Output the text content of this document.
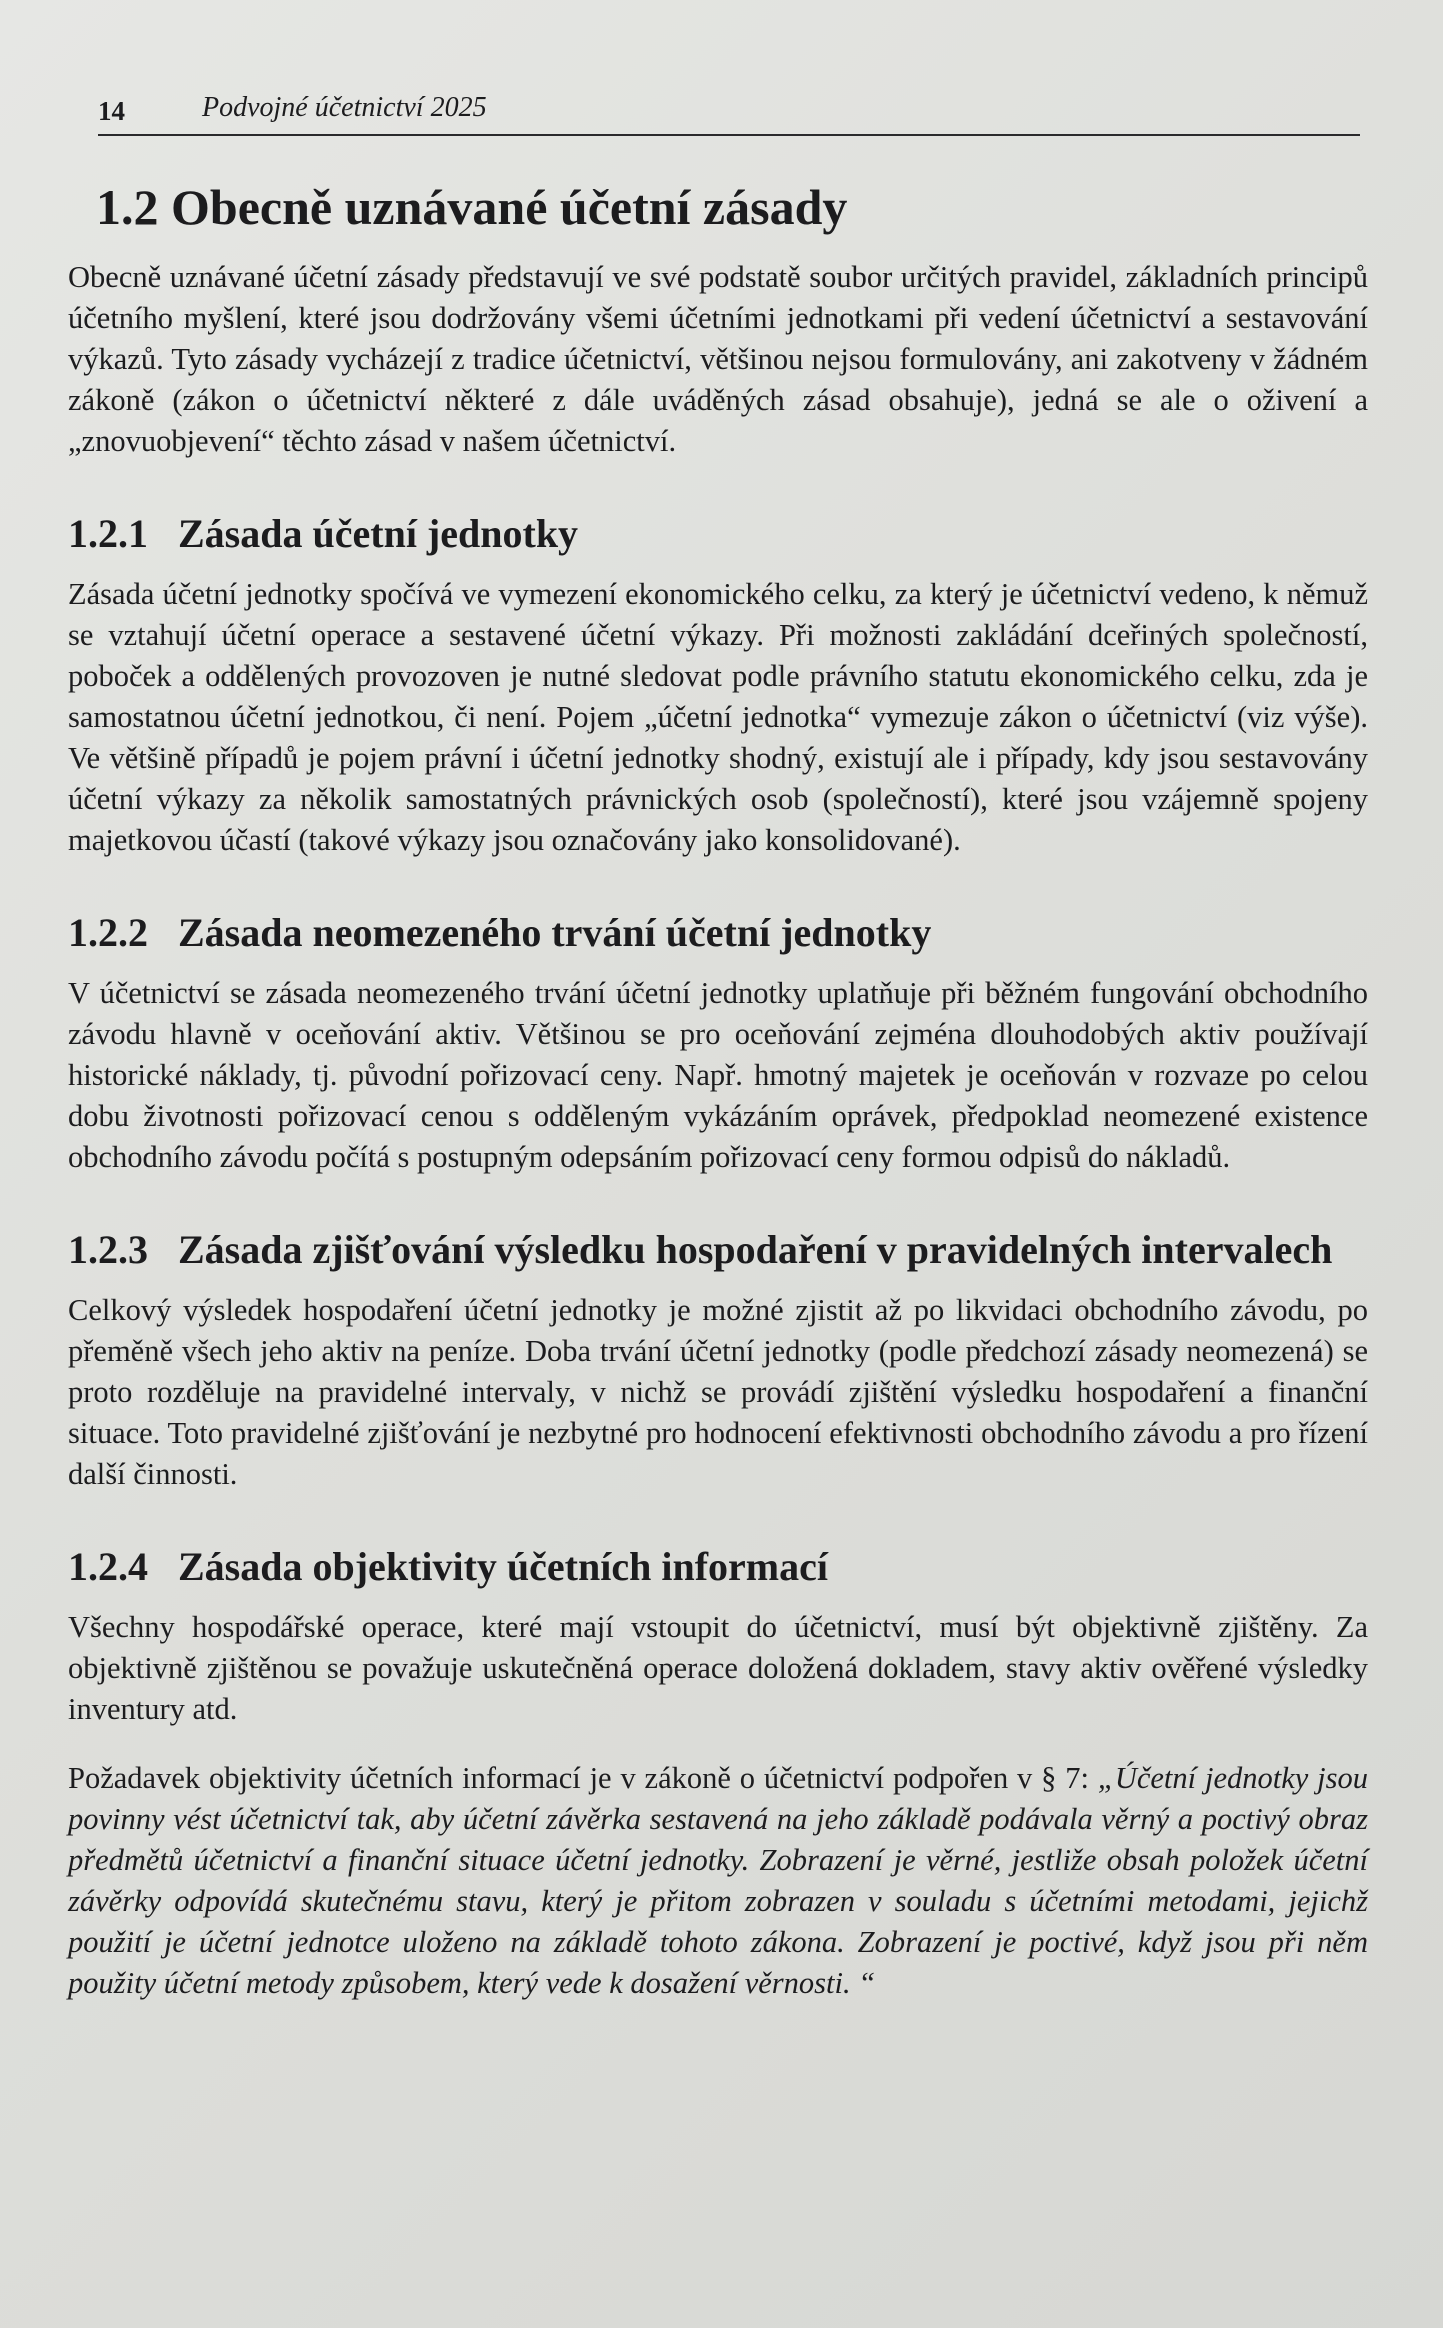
14	Podvojné účetnictví 2025
1.2 Obecně uznávané účetní zásady

Obecně uznávané účetní zásady představují ve své podstatě soubor určitých pravidel, základních principů účetního myšlení, které jsou dodržovány všemi účetními jednotkami při vedení účetnictví a sestavování výkazů. Tyto zásady vycházejí z tradice účetnictví, většinou nejsou formulovány, ani zakotveny v žádném zákoně (zákon o účetnictví některé z dále uváděných zásad obsahuje), jedná se ale o oživení a „znovuobjevení“ těchto zásad v našem účetnictví.

1.2.1 Zásada účetní jednotky

Zásada účetní jednotky spočívá ve vymezení ekonomického celku, za který je účetnictví vedeno, k němuž se vztahují účetní operace a sestavené účetní výkazy. Při možnosti zakládání dceřiných společností, poboček a oddělených provozoven je nutné sledovat podle právního statutu ekonomického celku, zda je samostatnou účetní jednotkou, či není. Pojem „účetní jednotka“ vymezuje zákon o účetnictví (viz výše). Ve většině případů je pojem právní i účetní jednotky shodný, existují ale i případy, kdy jsou sestavovány účetní výkazy za několik samostatných právnických osob (společností), které jsou vzájemně spojeny majetkovou účastí (takové výkazy jsou označovány jako konsolidované).

1.2.2 Zásada neomezeného trvání účetní jednotky

V účetnictví se zásada neomezeného trvání účetní jednotky uplatňuje při běžném fungování obchodního závodu hlavně v oceňování aktiv. Většinou se pro oceňování zejména dlouhodobých aktiv používají historické náklady, tj. původní pořizovací ceny. Např. hmotný majetek je oceňován v rozvaze po celou dobu životnosti pořizovací cenou s odděleným vykázáním oprávek, předpoklad neomezené existence obchodního závodu počítá s postupným odepsáním pořizovací ceny formou odpisů do nákladů.

1.2.3 Zásada zjišťování výsledku hospodaření v pravidelných intervalech

Celkový výsledek hospodaření účetní jednotky je možné zjistit až po likvidaci obchodního závodu, po přeměně všech jeho aktiv na peníze. Doba trvání účetní jednotky (podle předchozí zásady neomezená) se proto rozděluje na pravidelné intervaly, v nichž se provádí zjištění výsledku hospodaření a finanční situace. Toto pravidelné zjišťování je nezbytné pro hodnocení efektivnosti obchodního závodu a pro řízení další činnosti.

1.2.4 Zásada objektivity účetních informací

Všechny hospodářské operace, které mají vstoupit do účetnictví, musí být objektivně zjištěny. Za objektivně zjištěnou se považuje uskutečněná operace doložená dokladem, stavy aktiv ověřené výsledky inventury atd.

Požadavek objektivity účetních informací je v zákoně o účetnictví podpořen v § 7: „Účetní jednotky jsou povinny vést účetnictví tak, aby účetní závěrka sestavená na jeho základě podávala věrný a poctivý obraz předmětů účetnictví a finanční situace účetní jednotky. Zobrazení je věrné, jestliže obsah položek účetní závěrky odpovídá skutečnému stavu, který je přitom zobrazen v souladu s účetními metodami, jejichž použití je účetní jednotce uloženo na základě tohoto zákona. Zobrazení je poctivé, když jsou při něm použity účetní metody způsobem, který vede k dosažení věrnosti. “
